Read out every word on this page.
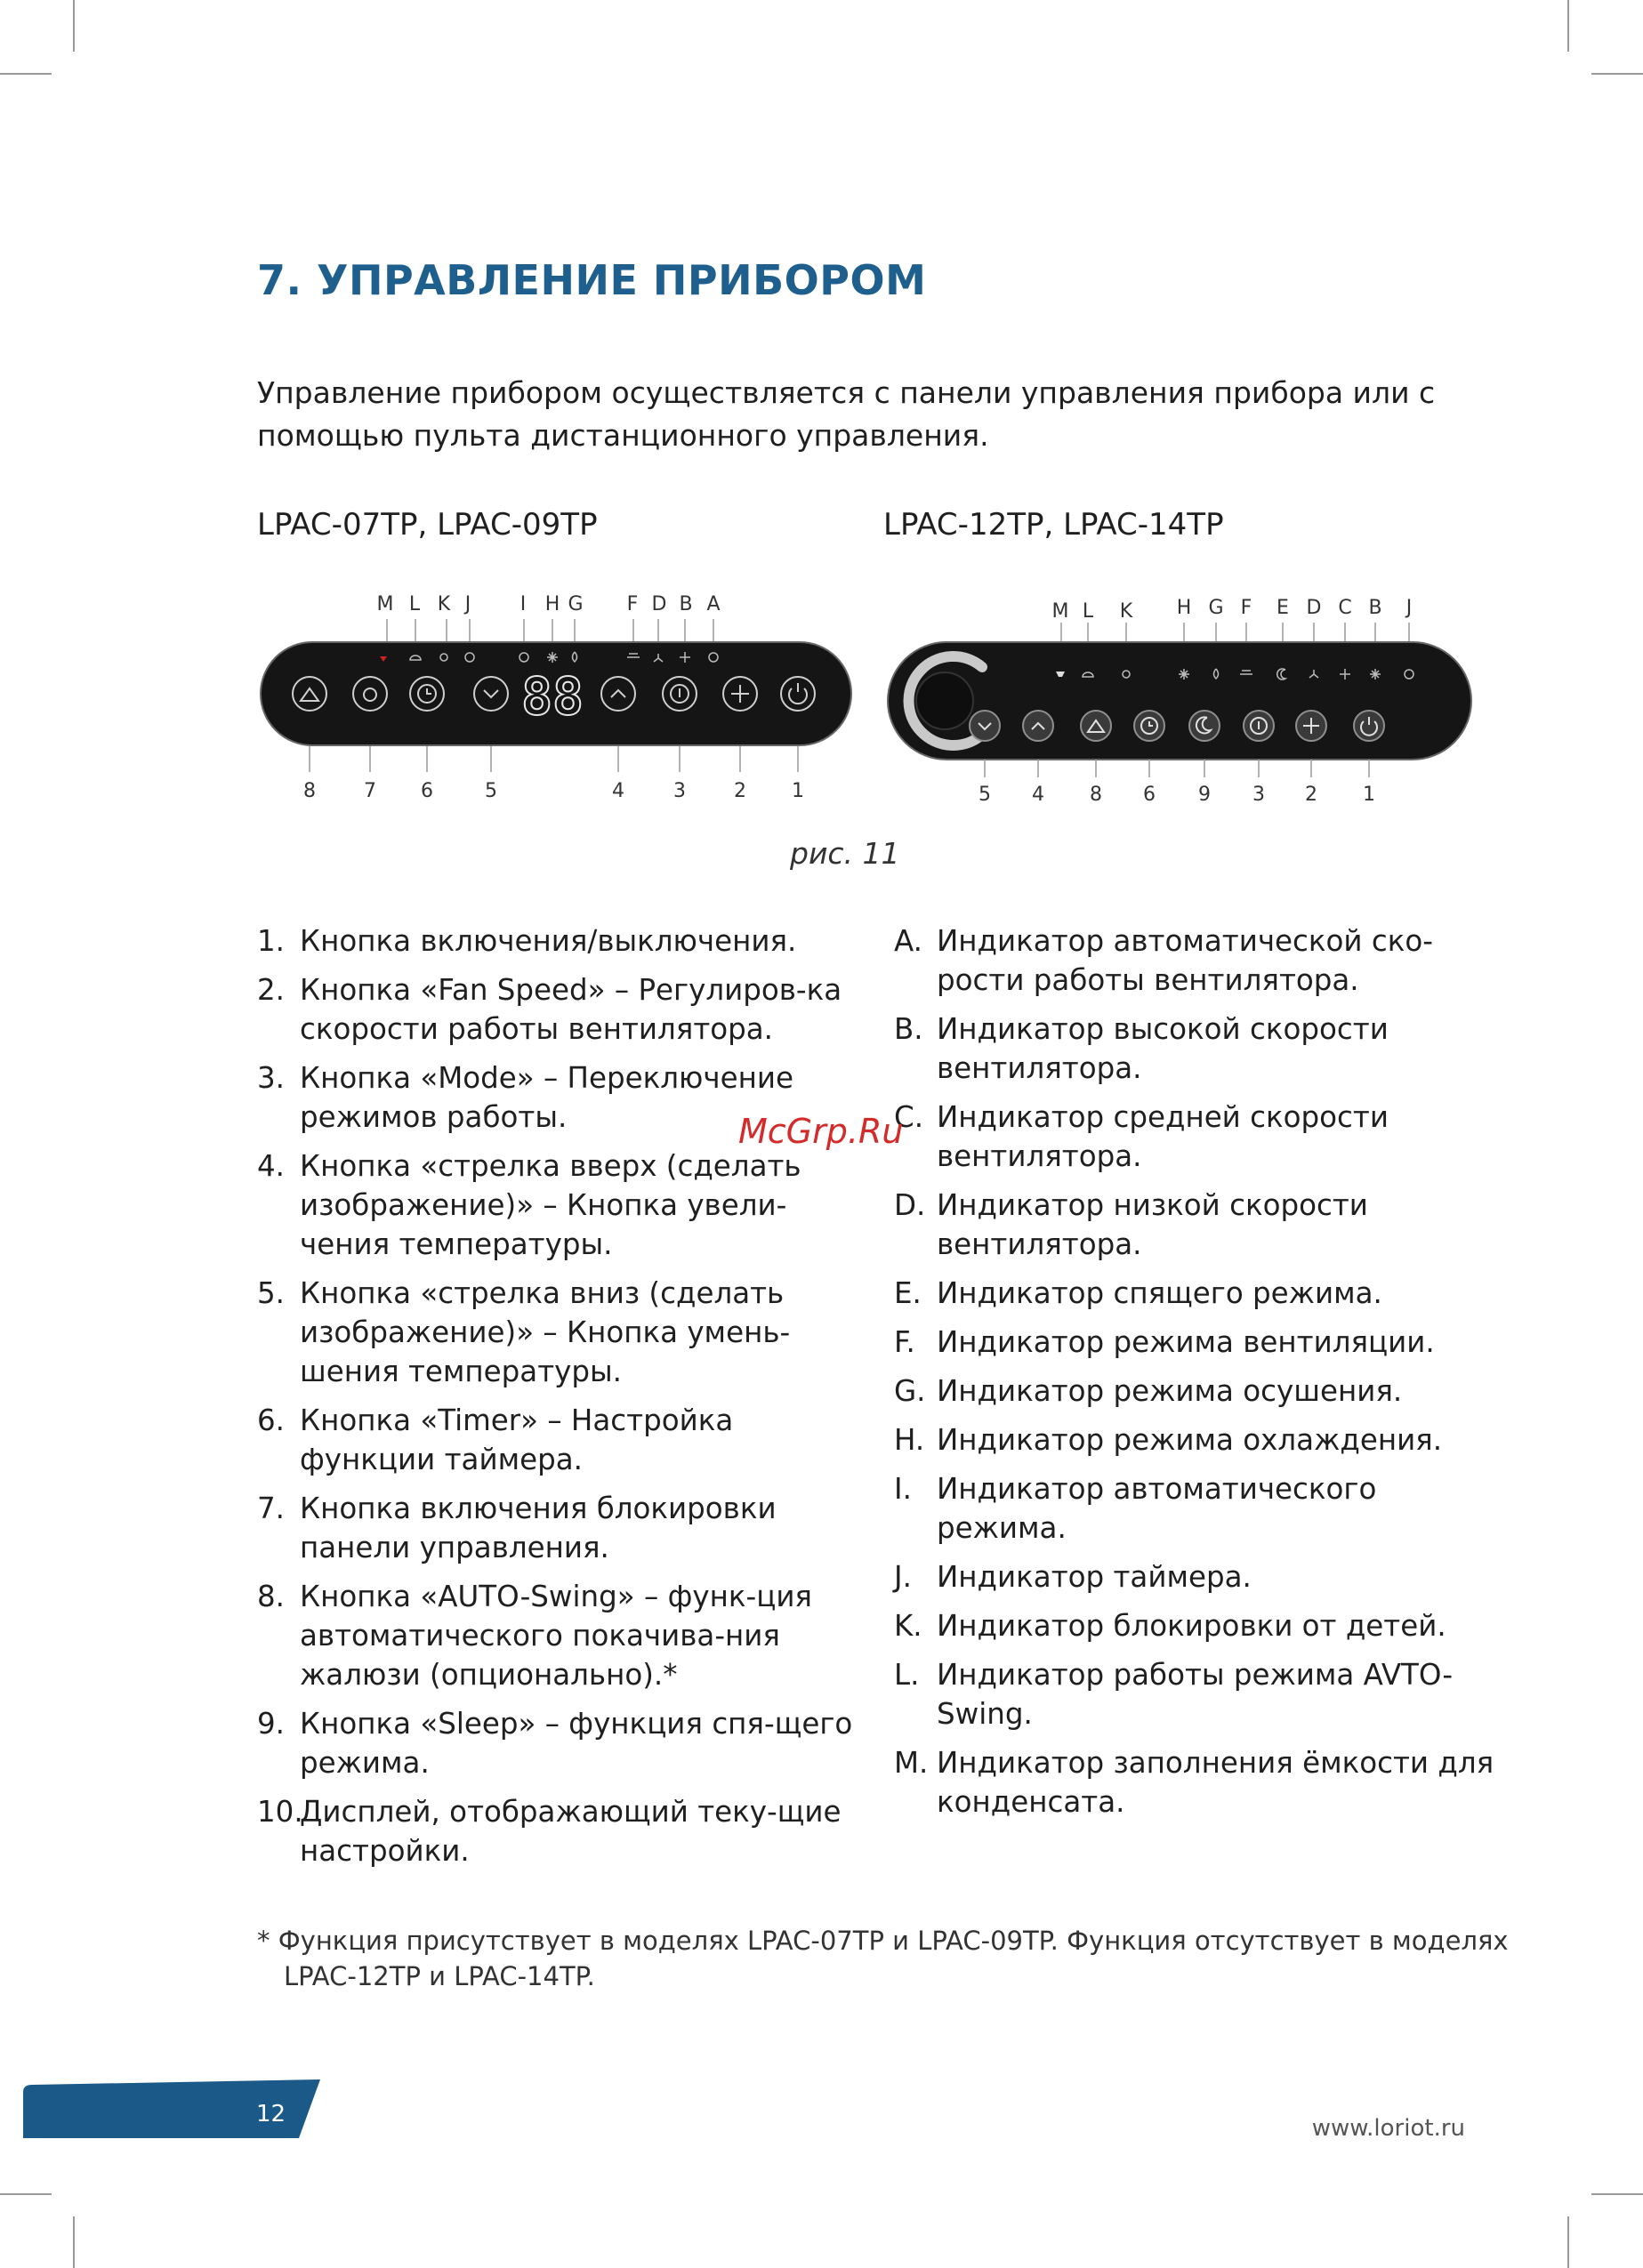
7. УПРАВЛЕНИЕ ПРИБОРОМ

Управление прибором осуществляется с панели управления прибора или с помощью пульта дистанционного управления.

LPAC-07TP, LPAC-09TP	LPAC-12TP, LPAC-14TP

M L K J	I H G F D B A
88
8 7 6	5	4	3 2 1
M L K H G F E D C B J
5 4 8 6 9 3 2 1

рис. 11

1. Кнопка включения/выключения.
2. Кнопка «Fan Speed» – Регулиров-ка скорости работы вентилятора.
3. Кнопка «Mode» – Переключение режимов работы.
4. Кнопка «стрелка вверх (сделать изображение)» – Кнопка увели-чения температуры.
5. Кнопка «стрелка вниз (сделать изображение)» – Кнопка умень-шения температуры.
6. Кнопка «Timer» – Настройка функции таймера.
7. Кнопка включения блокировки панели управления.
8. Кнопка «AUTO-Swing» – функ-ция автоматического покачива-ния жалюзи (опционально).*
9. Кнопка «Sleep» – функция спя-щего режима.
10.
Дисплей, отображающий теку-щие настройки.
A. Индикатор автоматической ско-рости работы вентилятора.
B. Индикатор высокой скорости вентилятора.
C. Индикатор средней скорости вентилятора.
D. Индикатор низкой скорости вентилятора.
E. Индикатор спящего режима.
F. Индикатор режима вентиляции.
G. Индикатор режима осушения.
H. Индикатор режима охлаждения.
I. Индикатор автоматического режима.
J. Индикатор таймера.
K. Индикатор блокировки от детей.
L. Индикатор работы режима AVTO-Swing.
M. Индикатор заполнения ёмкости для конденсата.
McGrp.Ru

* Функция присутствует в моделях LPAC-07TP и LPAC-09TP. Функция отсутствует в моделях LPAC-12TP и LPAC-14TP.

12
www.loriot.ru
